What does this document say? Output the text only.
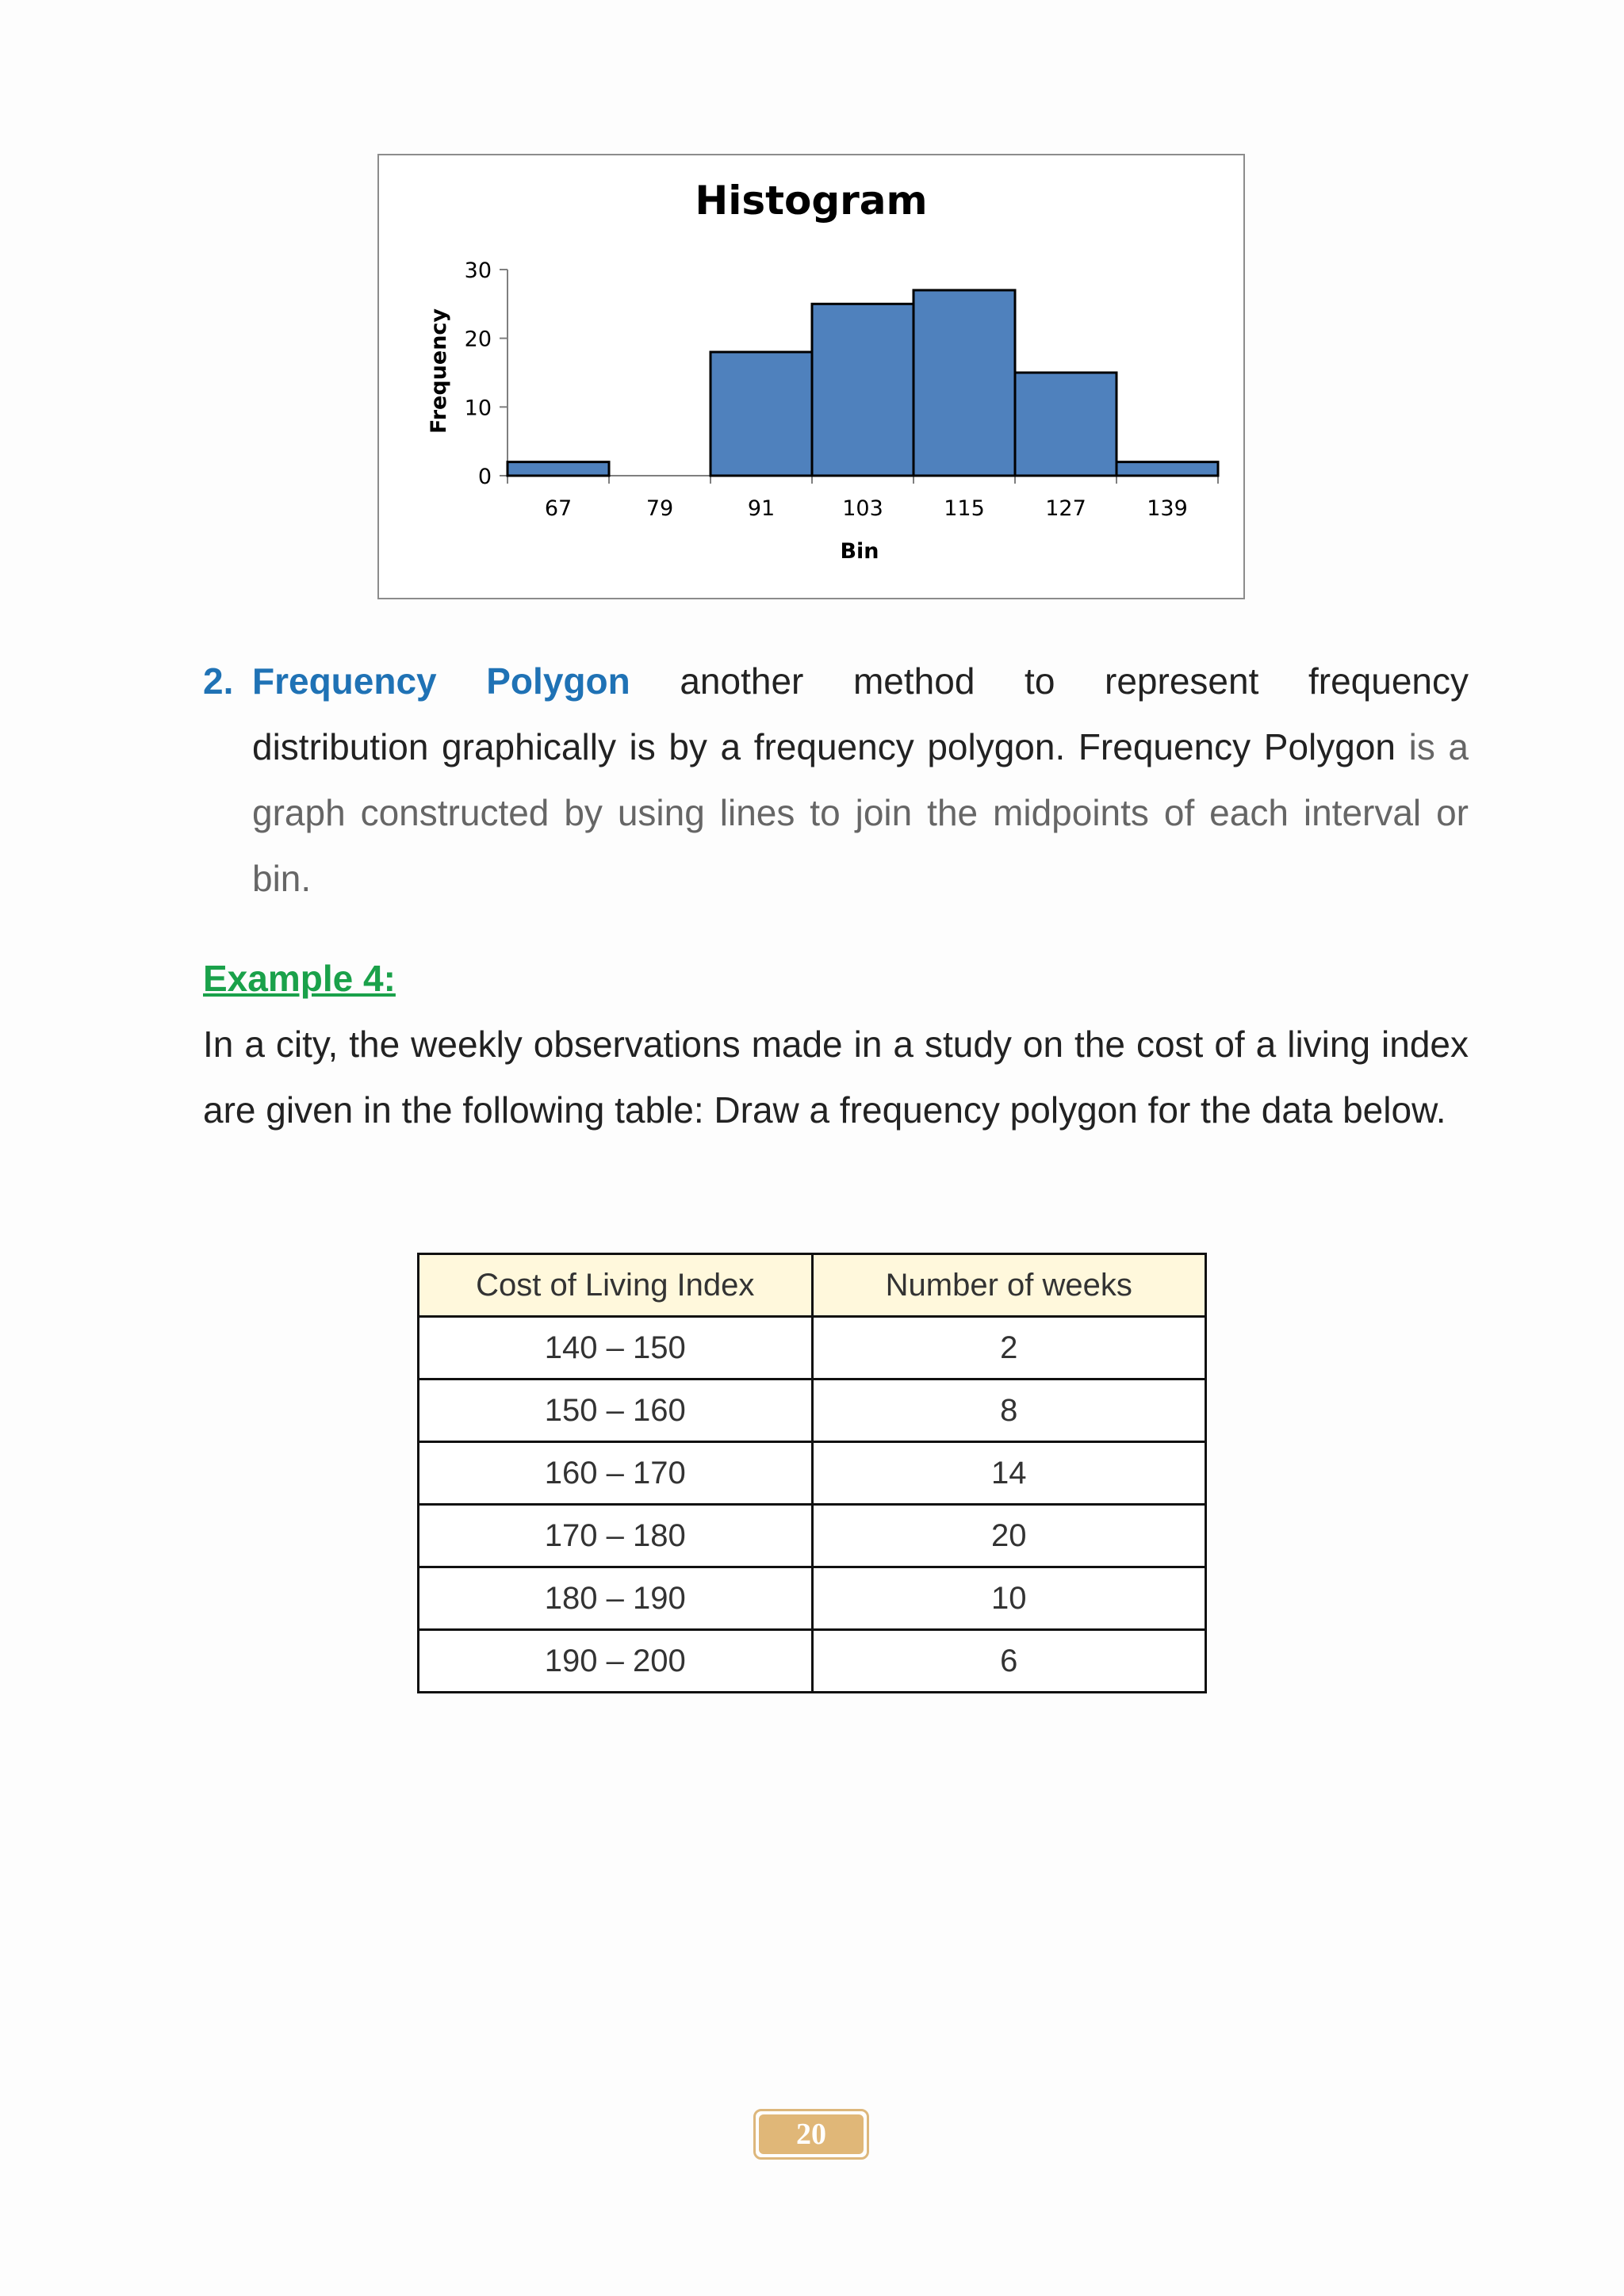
Histogram
Frequency
Bin
0
10
20
30
67	79	91	103	115	127	139
2. Frequency Polygon another method to represent frequency
distribution graphically is by a frequency polygon. Frequency Polygon is a graph constructed by using lines to join the midpoints of each interval or bin.

Example 4:

In a city, the weekly observations made in a study on the cost of a living index are given in the following table: Draw a frequency polygon for the data below.

Cost of Living Index	Number of weeks
140 – 150	2
150 – 160	8
160 – 170	14
170 – 180	20
180 – 190	10
190 – 200	6
20
